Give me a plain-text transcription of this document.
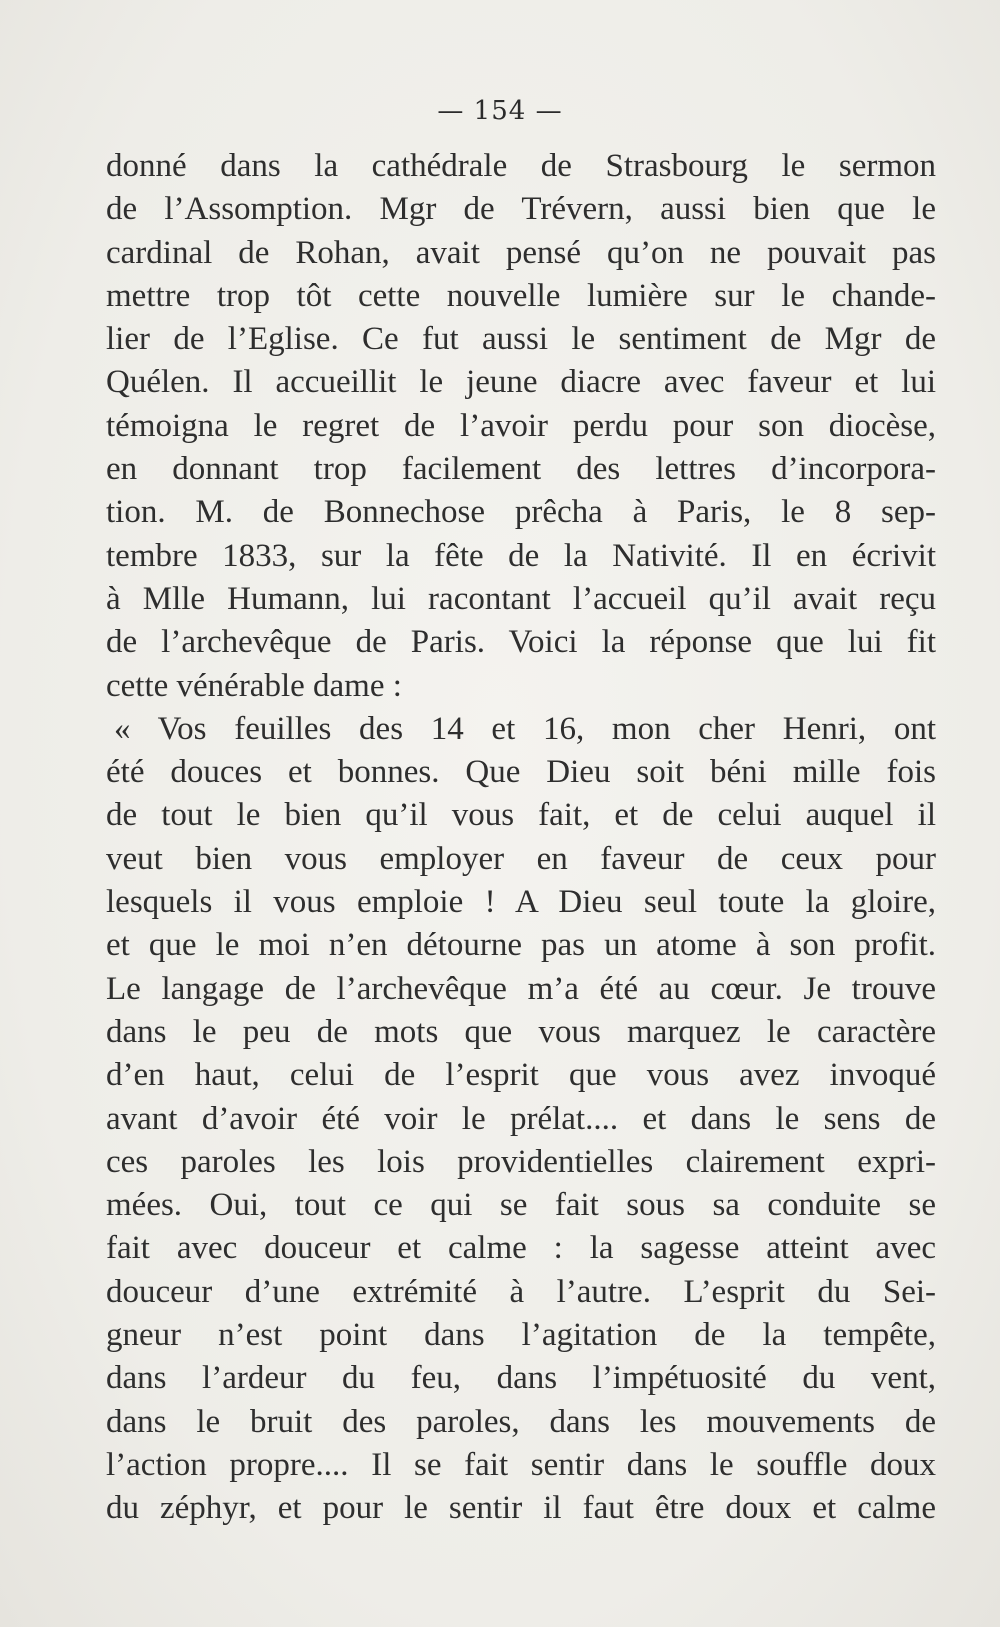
— 154 —
donné dans la cathédrale de Strasbourg le sermon
de l’Assomption. Mgr de Trévern, aussi bien que le
cardinal de Rohan, avait pensé qu’on ne pouvait pas
mettre trop tôt cette nouvelle lumière sur le chande-
lier de l’Eglise. Ce fut aussi le sentiment de Mgr de
Quélen. Il accueillit le jeune diacre avec faveur et lui
témoigna le regret de l’avoir perdu pour son diocèse,
en donnant trop facilement des lettres d’incorpora-
tion. M. de Bonnechose prêcha à Paris, le 8 sep-
tembre 1833, sur la fête de la Nativité. Il en écrivit
à Mlle Humann, lui racontant l’accueil qu’il avait reçu
de l’archevêque de Paris. Voici la réponse que lui fit
cette vénérable dame :
« Vos feuilles des 14 et 16, mon cher Henri, ont
été douces et bonnes. Que Dieu soit béni mille fois
de tout le bien qu’il vous fait, et de celui auquel il
veut bien vous employer en faveur de ceux pour
lesquels il vous emploie ! A Dieu seul toute la gloire,
et que le moi n’en détourne pas un atome à son profit.
Le langage de l’archevêque m’a été au cœur. Je trouve
dans le peu de mots que vous marquez le caractère
d’en haut, celui de l’esprit que vous avez invoqué
avant d’avoir été voir le prélat.... et dans le sens de
ces paroles les lois providentielles clairement expri-
mées. Oui, tout ce qui se fait sous sa conduite se
fait avec douceur et calme : la sagesse atteint avec
douceur d’une extrémité à l’autre. L’esprit du Sei-
gneur n’est point dans l’agitation de la tempête,
dans l’ardeur du feu, dans l’impétuosité du vent,
dans le bruit des paroles, dans les mouvements de
l’action propre.... Il se fait sentir dans le souffle doux
du zéphyr, et pour le sentir il faut être doux et calme
